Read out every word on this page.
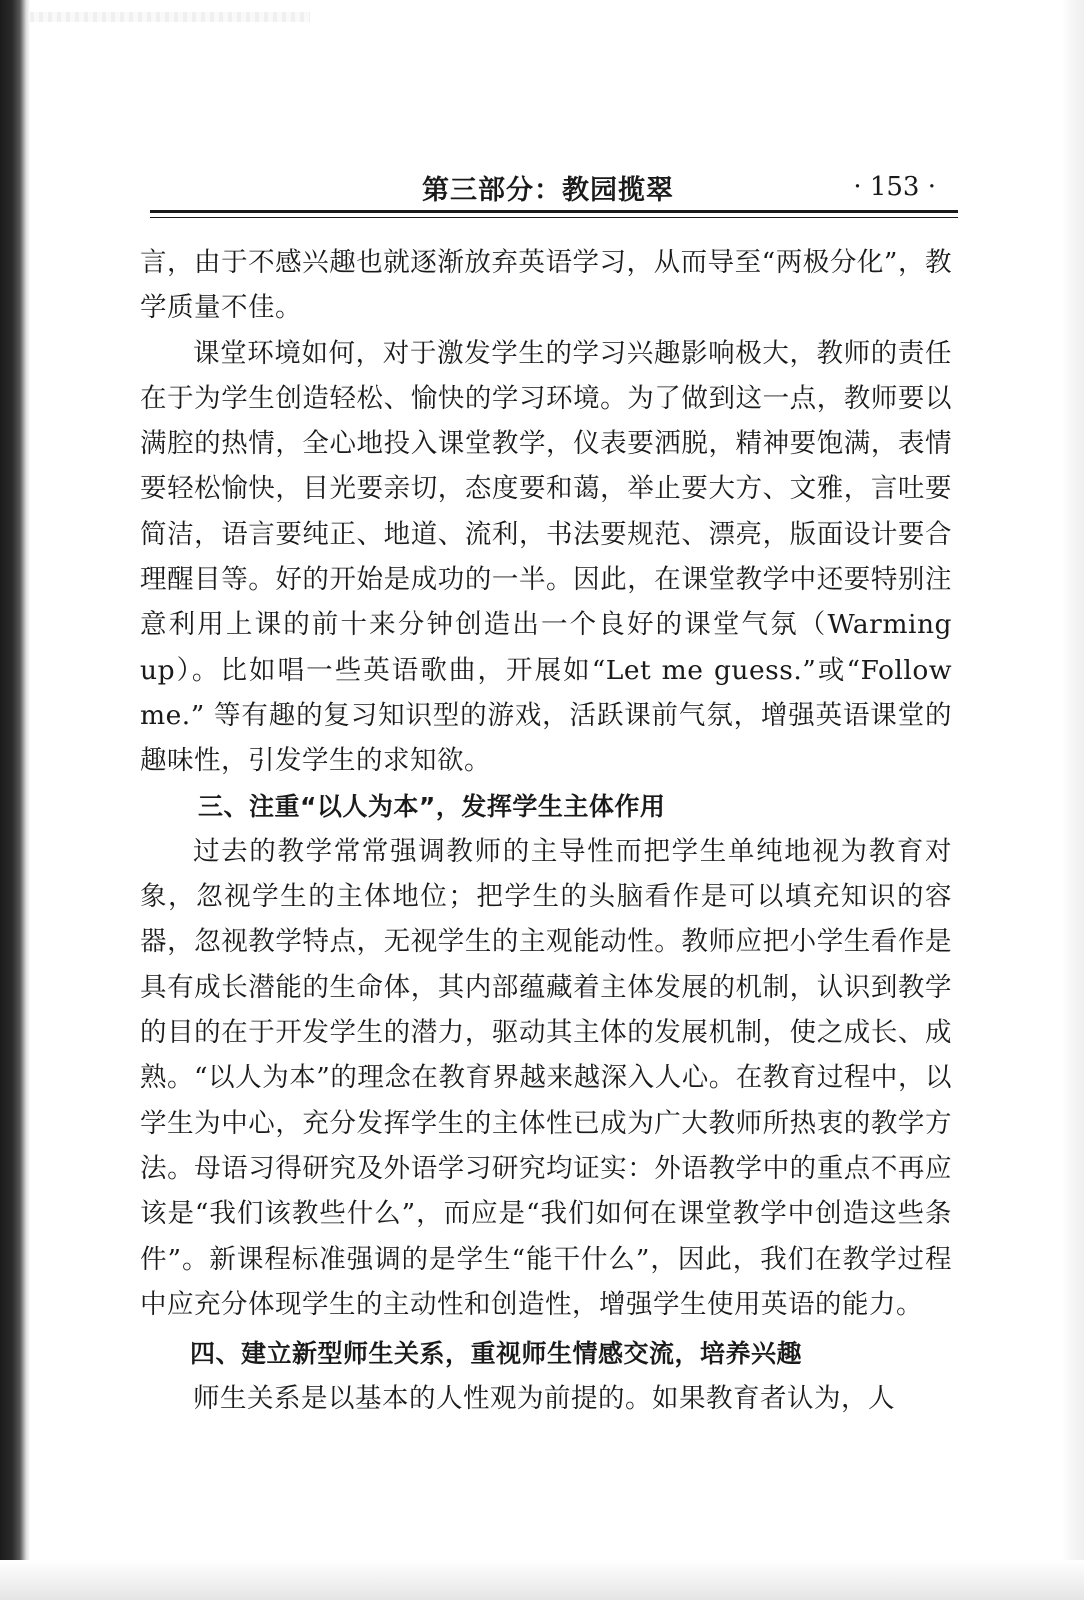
第三部分：教园揽翠	· 153 ·

言，由于不感兴趣也就逐渐放弃英语学习，从而导至“两极分化”，教学质量不佳。

课堂环境如何，对于激发学生的学习兴趣影响极大，教师的责任在于为学生创造轻松、愉快的学习环境。为了做到这一点，教师要以满腔的热情，全心地投入课堂教学，仪表要洒脱，精神要饱满，表情要轻松愉快，目光要亲切，态度要和蔼，举止要大方、文雅，言吐要简洁，语言要纯正、地道、流利，书法要规范、漂亮，版面设计要合理醒目等。好的开始是成功的一半。因此，在课堂教学中还要特别注意利用上课的前十来分钟创造出一个良好的课堂气氛（Warming up）。比如唱一些英语歌曲，开展如“Let me guess.”或“Follow me.” 等有趣的复习知识型的游戏，活跃课前气氛，增强英语课堂的趣味性，引发学生的求知欲。

三、注重“以人为本”，发挥学生主体作用

过去的教学常常强调教师的主导性而把学生单纯地视为教育对象，忽视学生的主体地位；把学生的头脑看作是可以填充知识的容器，忽视教学特点，无视学生的主观能动性。教师应把小学生看作是具有成长潜能的生命体，其内部蕴藏着主体发展的机制，认识到教学的目的在于开发学生的潜力，驱动其主体的发展机制，使之成长、成熟。“以人为本”的理念在教育界越来越深入人心。在教育过程中，以学生为中心，充分发挥学生的主体性已成为广大教师所热衷的教学方法。母语习得研究及外语学习研究均证实：外语教学中的重点不再应该是“我们该教些什么”，而应是“我们如何在课堂教学中创造这些条件”。新课程标准强调的是学生“能干什么”，因此，我们在教学过程中应充分体现学生的主动性和创造性，增强学生使用英语的能力。

四、建立新型师生关系，重视师生情感交流，培养兴趣

师生关系是以基本的人性观为前提的。如果教育者认为，人
